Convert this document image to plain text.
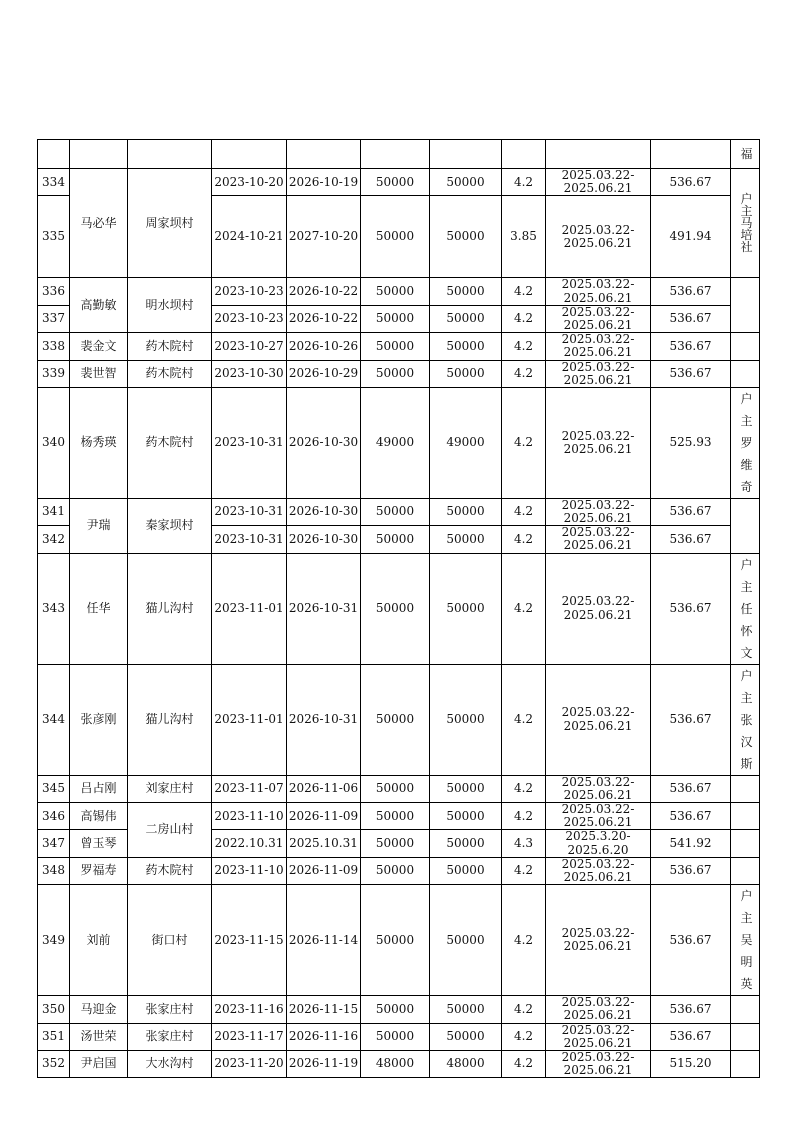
										福

334	马必华	周家坝村	2023-10-20	2026-10-19	50000	50000	4.2	2025.03.22-2025.06.21	536.67	户主马培社

335			2024-10-21	2027-10-20	50000	50000	3.85	2025.03.22-2025.06.21	491.94	
336	高勤敏	明水坝村	2023-10-23	2026-10-22	50000	50000	4.2	2025.03.22-2025.06.21	536.67	
337			2023-10-23	2026-10-22	50000	50000	4.2	2025.03.22-2025.06.21	536.67	
338	裴金文	药木院村	2023-10-27	2026-10-26	50000	50000	4.2	2025.03.22-2025.06.21	536.67	
339	裴世智	药木院村	2023-10-30	2026-10-29	50000	50000	4.2	2025.03.22-2025.06.21	536.67	
340	杨秀瑛	药木院村	2023-10-31	2026-10-30	49000	49000	4.2	2025.03.22-2025.06.21	525.93	户主罗维奇

341	尹瑞	秦家坝村	2023-10-31	2026-10-30	50000	50000	4.2	2025.03.22-2025.06.21	536.67	
342			2023-10-31	2026-10-30	50000	50000	4.2	2025.03.22-2025.06.21	536.67	
343	任华	猫儿沟村	2023-11-01	2026-10-31	50000	50000	4.2	2025.03.22-2025.06.21	536.67	户主任怀文

344	张彦刚	猫儿沟村	2023-11-01	2026-10-31	50000	50000	4.2	2025.03.22-2025.06.21	536.67	户主张汉斯

345	吕占刚	刘家庄村	2023-11-07	2026-11-06	50000	50000	4.2	2025.03.22-2025.06.21	536.67	
346	高锡伟	二房山村	2023-11-10	2026-11-09	50000	50000	4.2	2025.03.22-2025.06.21	536.67	
347	曾玉琴		2022.10.31	2025.10.31	50000	50000	4.3	2025.3.20-2025.6.20	541.92	
348	罗福寿	药木院村	2023-11-10	2026-11-09	50000	50000	4.2	2025.03.22-2025.06.21	536.67	
349	刘前	街口村	2023-11-15	2026-11-14	50000	50000	4.2	2025.03.22-2025.06.21	536.67	户主吴明英

350	马迎金	张家庄村	2023-11-16	2026-11-15	50000	50000	4.2	2025.03.22-2025.06.21	536.67	
351	汤世荣	张家庄村	2023-11-17	2026-11-16	50000	50000	4.2	2025.03.22-2025.06.21	536.67	
352	尹启国	大水沟村	2023-11-20	2026-11-19	48000	48000	4.2	2025.03.22-2025.06.21	515.20	
